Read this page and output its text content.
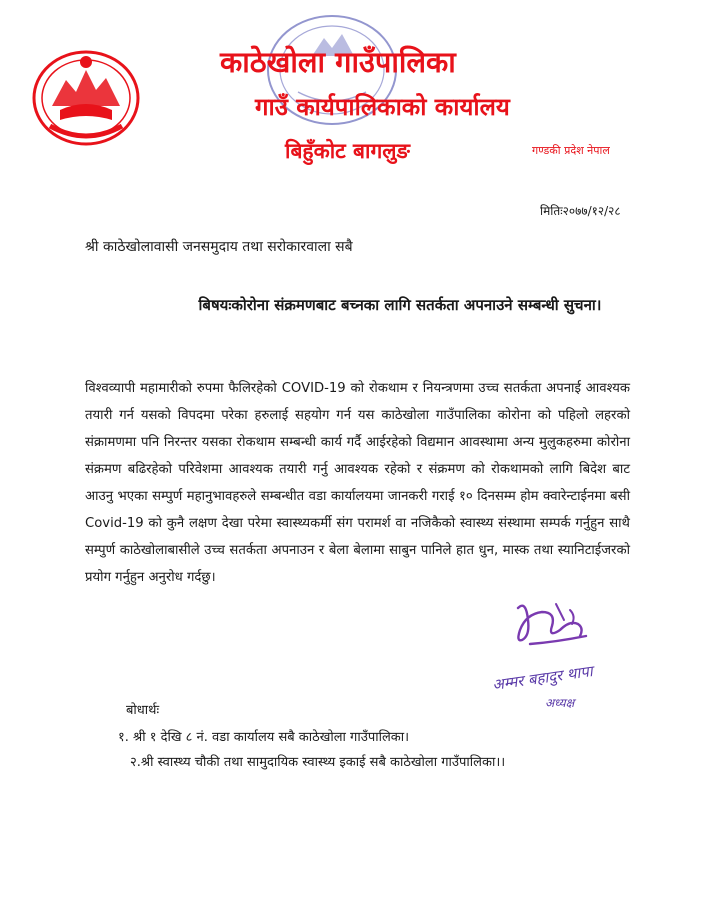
काठेखोला गाउँपालिका
गाउँ कार्यपालिकाको कार्यालय
बिहुँकोट बागलुङ	गण्डकी प्रदेश नेपाल
मितिः२०७७/१२/२८
श्री काठेखोलावासी जनसमुदाय तथा सरोकारवाला सबै
बिषयःकोरोना संक्रमणबाट बच्नका लागि सतर्कता अपनाउने सम्बन्धी सुचना।
विश्वव्यापी महामारीको रुपमा फैलिरहेको COVID-19 को रोकथाम र नियन्त्रणमा उच्च सतर्कता अपनाई आवश्यक तयारी गर्न यसको विपदमा परेका हरुलाई सहयोग गर्न यस काठेखोला गाउँपालिका कोरोना को पहिलो लहरको संक्रामणमा पनि निरन्तर यसका रोकथाम सम्बन्धी कार्य गर्दै आईरहेको विद्यमान आवस्थामा अन्य मुलुकहरुमा कोरोना संक्रमण बढिरहेको परिवेशमा आवश्यक तयारी गर्नु आवश्यक रहेको र संक्रमण को रोकथामको लागि बिदेश बाट आउनु भएका सम्पुर्ण महानुभावहरुले सम्बन्धीत वडा कार्यालयमा जानकरी गराई १० दिनसम्म होम क्वारेन्टाईनमा बसी Covid-19 को कुनै लक्षण देखा परेमा स्वास्थ्यकर्मी संग परामर्श वा नजिकैको स्वास्थ्य संस्थामा सम्पर्क गर्नुहुन साथै सम्पुर्ण काठेखोलाबासीले उच्च सतर्कता अपनाउन र बेला बेलामा साबुन पानिले हात धुन, मास्क तथा स्यानिटाईजरको प्रयोग गर्नुहुन अनुरोध गर्दछु।
अम्मर बहादुर थापा
अध्यक्ष
बोधार्थः
१. श्री १ देखि ८ नं. वडा कार्यालय सबै काठेखोला गाउँपालिका।
२.श्री स्वास्थ्य चौकी तथा सामुदायिक स्वास्थ्य इकाई सबै काठेखोला गाउँपालिका।।
